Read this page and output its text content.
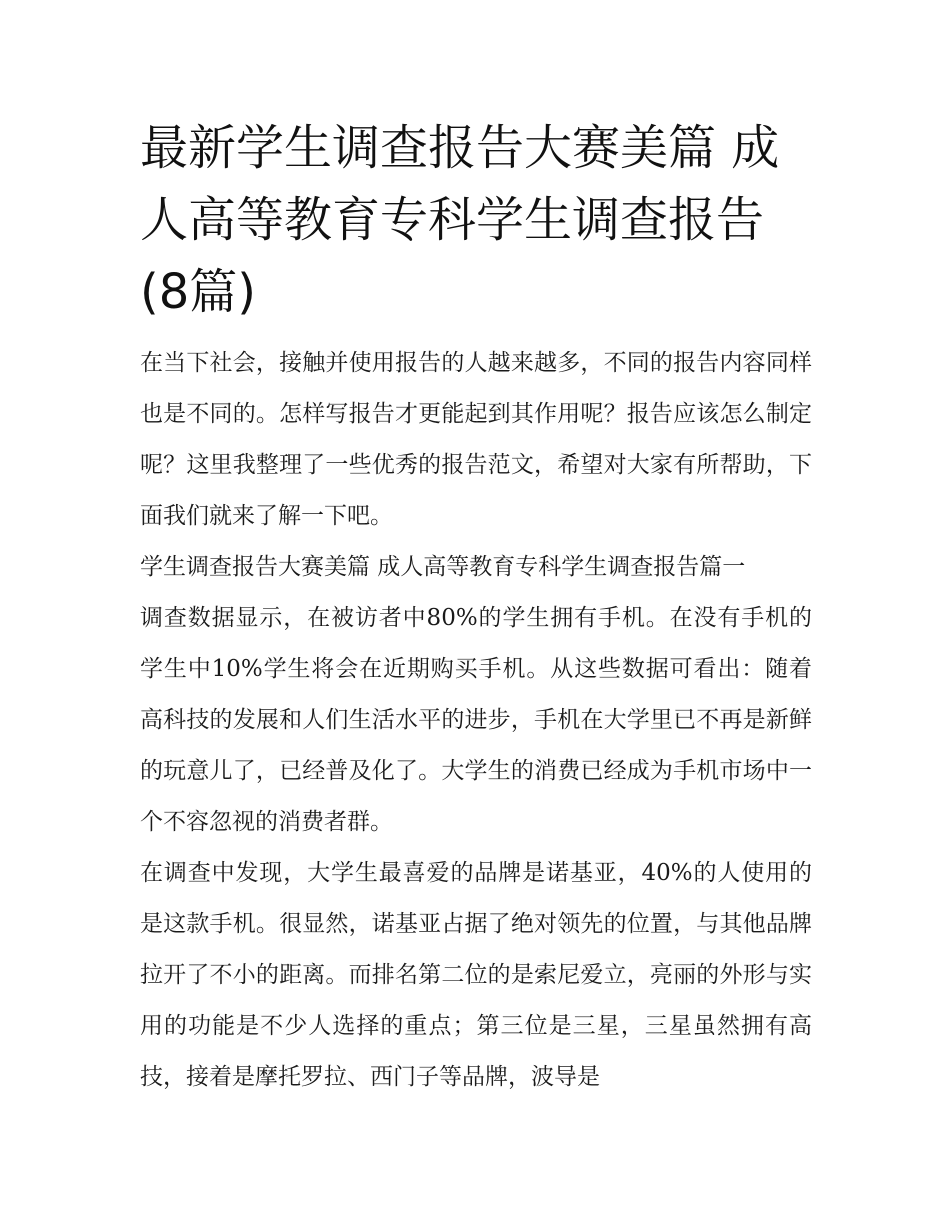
最新学生调查报告大赛美篇 成人高等教育专科学生调查报告(8篇)

在当下社会，接触并使用报告的人越来越多，不同的报告内容同样也是不同的。怎样写报告才更能起到其作用呢？报告应该怎么制定呢？这里我整理了一些优秀的报告范文，希望对大家有所帮助，下面我们就来了解一下吧。

学生调查报告大赛美篇 成人高等教育专科学生调查报告篇一

调查数据显示，在被访者中80%的学生拥有手机。在没有手机的学生中10%学生将会在近期购买手机。从这些数据可看出：随着高科技的发展和人们生活水平的进步，手机在大学里已不再是新鲜的玩意儿了，已经普及化了。大学生的消费已经成为手机市场中一个不容忽视的消费者群。

在调查中发现，大学生最喜爱的品牌是诺基亚，40%的人使用的是这款手机。很显然，诺基亚占据了绝对领先的位置，与其他品牌拉开了不小的距离。而排名第二位的是索尼爱立，亮丽的外形与实用的功能是不少人选择的重点；第三位是三星，三星虽然拥有高技，接着是摩托罗拉、西门子等品牌，波导是
